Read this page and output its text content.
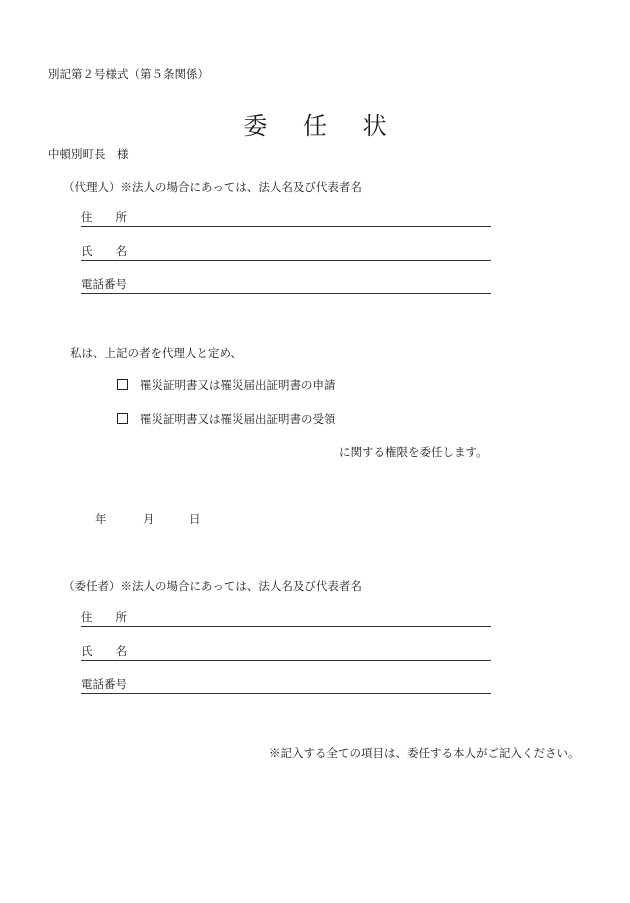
別記第２号様式（第５条関係）
委 任 状
中頓別町長　様
（代理人）※法人の場合にあっては、法人名及び代表者名
住　　所
氏　　名
電話番号
私は、上記の者を代理人と定め、
罹災証明書又は罹災届出証明書の申請
罹災証明書又は罹災届出証明書の受領
に関する権限を委任します。
年	月	日
（委任者）※法人の場合にあっては、法人名及び代表者名
住　　所
氏　　名
電話番号
※記入する全ての項目は、委任する本人がご記入ください。
